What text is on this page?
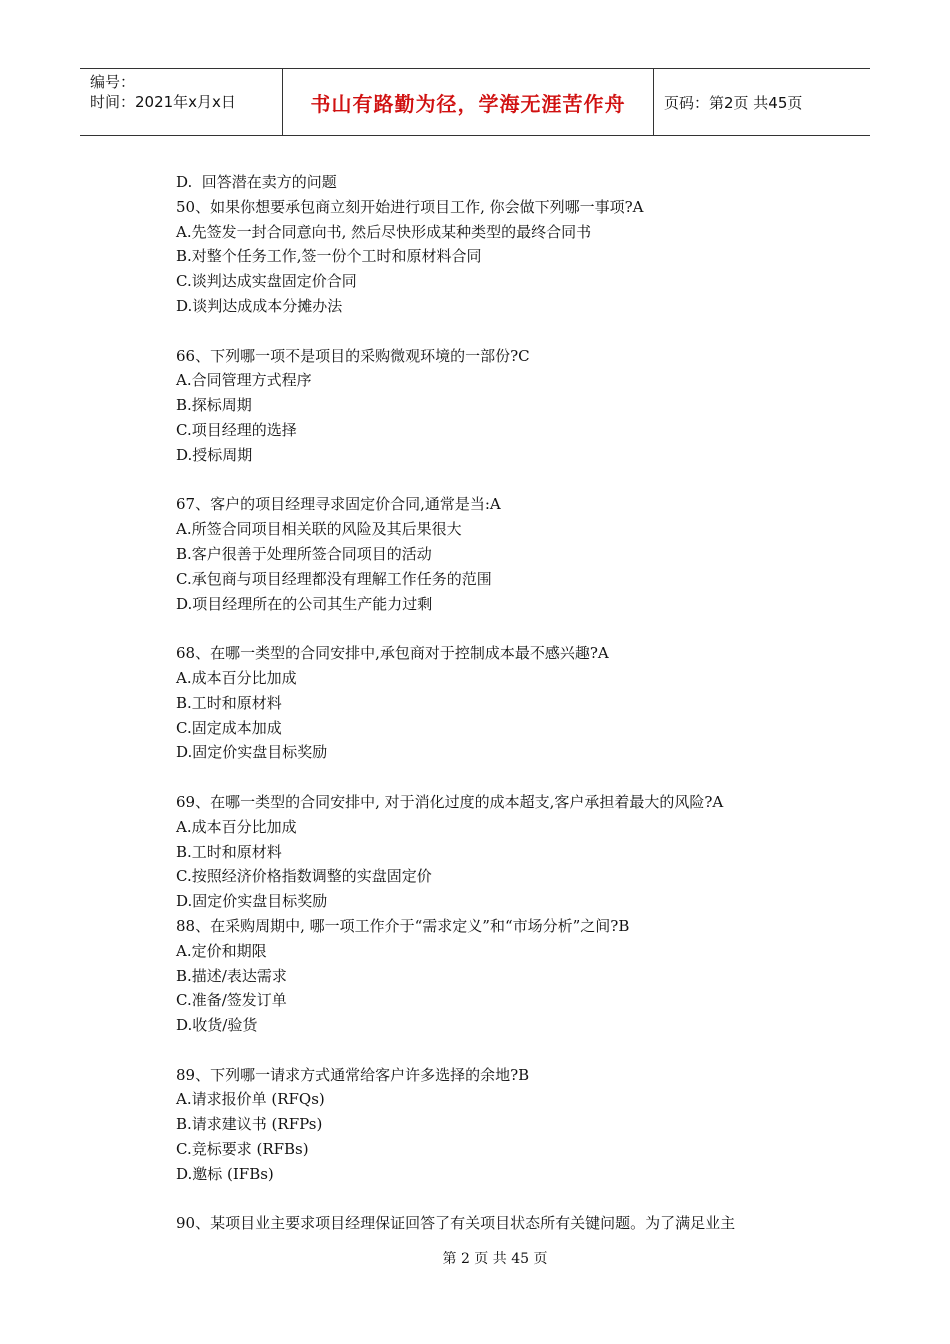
编号：
时间：2021年x月x日	书山有路勤为径，学海无涯苦作舟	页码：第2页 共45页
D.  回答潜在卖方的问题
50、如果你想要承包商立刻开始进行项目工作, 你会做下列哪一事项?A
A.先签发一封合同意向书, 然后尽快形成某种类型的最终合同书
B.对整个任务工作,签一份个工时和原材料合同
C.谈判达成实盘固定价合同
D.谈判达成成本分摊办法
66、下列哪一项不是项目的采购微观环境的一部份?C
A.合同管理方式程序
B.探标周期
C.项目经理的选择
D.授标周期
67、客户的项目经理寻求固定价合同,通常是当:A
A.所签合同项目相关联的风险及其后果很大
B.客户很善于处理所签合同项目的活动
C.承包商与项目经理都没有理解工作任务的范围
D.项目经理所在的公司其生产能力过剩
68、在哪一类型的合同安排中,承包商对于控制成本最不感兴趣?A
A.成本百分比加成
B.工时和原材料
C.固定成本加成
D.固定价实盘目标奖励
69、在哪一类型的合同安排中, 对于消化过度的成本超支,客户承担着最大的风险?A
A.成本百分比加成
B.工时和原材料
C.按照经济价格指数调整的实盘固定价
D.固定价实盘目标奖励
88、在采购周期中, 哪一项工作介于“需求定义”和“市场分析”之间?B
A.定价和期限
B.描述/表达需求
C.准备/签发订单
D.收货/验货
89、下列哪一请求方式通常给客户许多选择的余地?B
A.请求报价单 (RFQs)
B.请求建议书 (RFPs)
C.竞标要求 (RFBs)
D.邀标 (IFBs)
90、某项目业主要求项目经理保证回答了有关项目状态所有关键问题。为了满足业主
第 2 页 共 45 页
